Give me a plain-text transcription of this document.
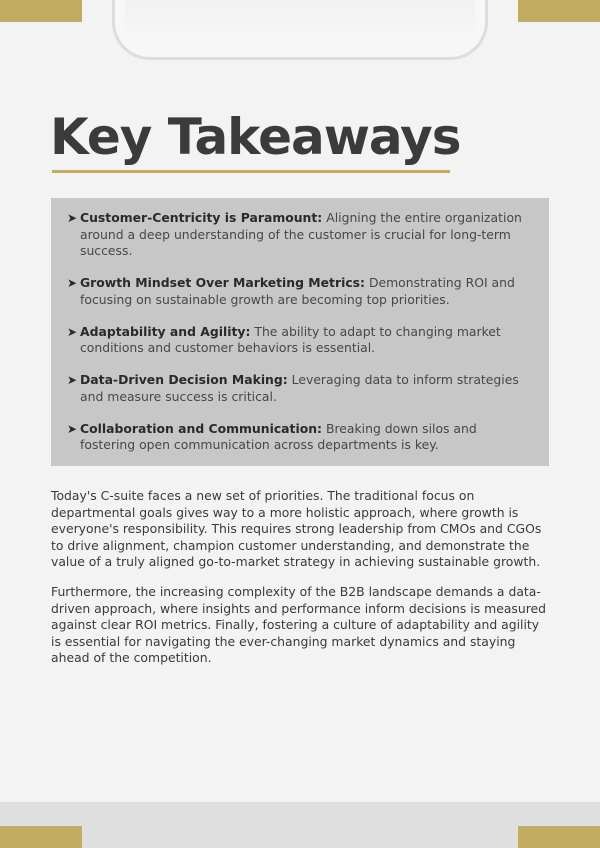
Key Takeaways
➤ Customer-Centricity is Paramount: Aligning the entire organization around a deep understanding of the customer is crucial for long-term success.
➤ Growth Mindset Over Marketing Metrics: Demonstrating ROI and focusing on sustainable growth are becoming top priorities.
➤ Adaptability and Agility: The ability to adapt to changing market conditions and customer behaviors is essential.
➤ Data-Driven Decision Making: Leveraging data to inform strategies and measure success is critical.
➤ Collaboration and Communication: Breaking down silos and fostering open communication across departments is key.

Today's C-suite faces a new set of priorities. The traditional focus on departmental goals gives way to a more holistic approach, where growth is everyone's responsibility. This requires strong leadership from CMOs and CGOs to drive alignment, champion customer understanding, and demonstrate the value of a truly aligned go-to-market strategy in achieving sustainable growth.

Furthermore, the increasing complexity of the B2B landscape demands a data-driven approach, where insights and performance inform decisions is measured against clear ROI metrics. Finally, fostering a culture of adaptability and agility is essential for navigating the ever-changing market dynamics and staying ahead of the competition.
